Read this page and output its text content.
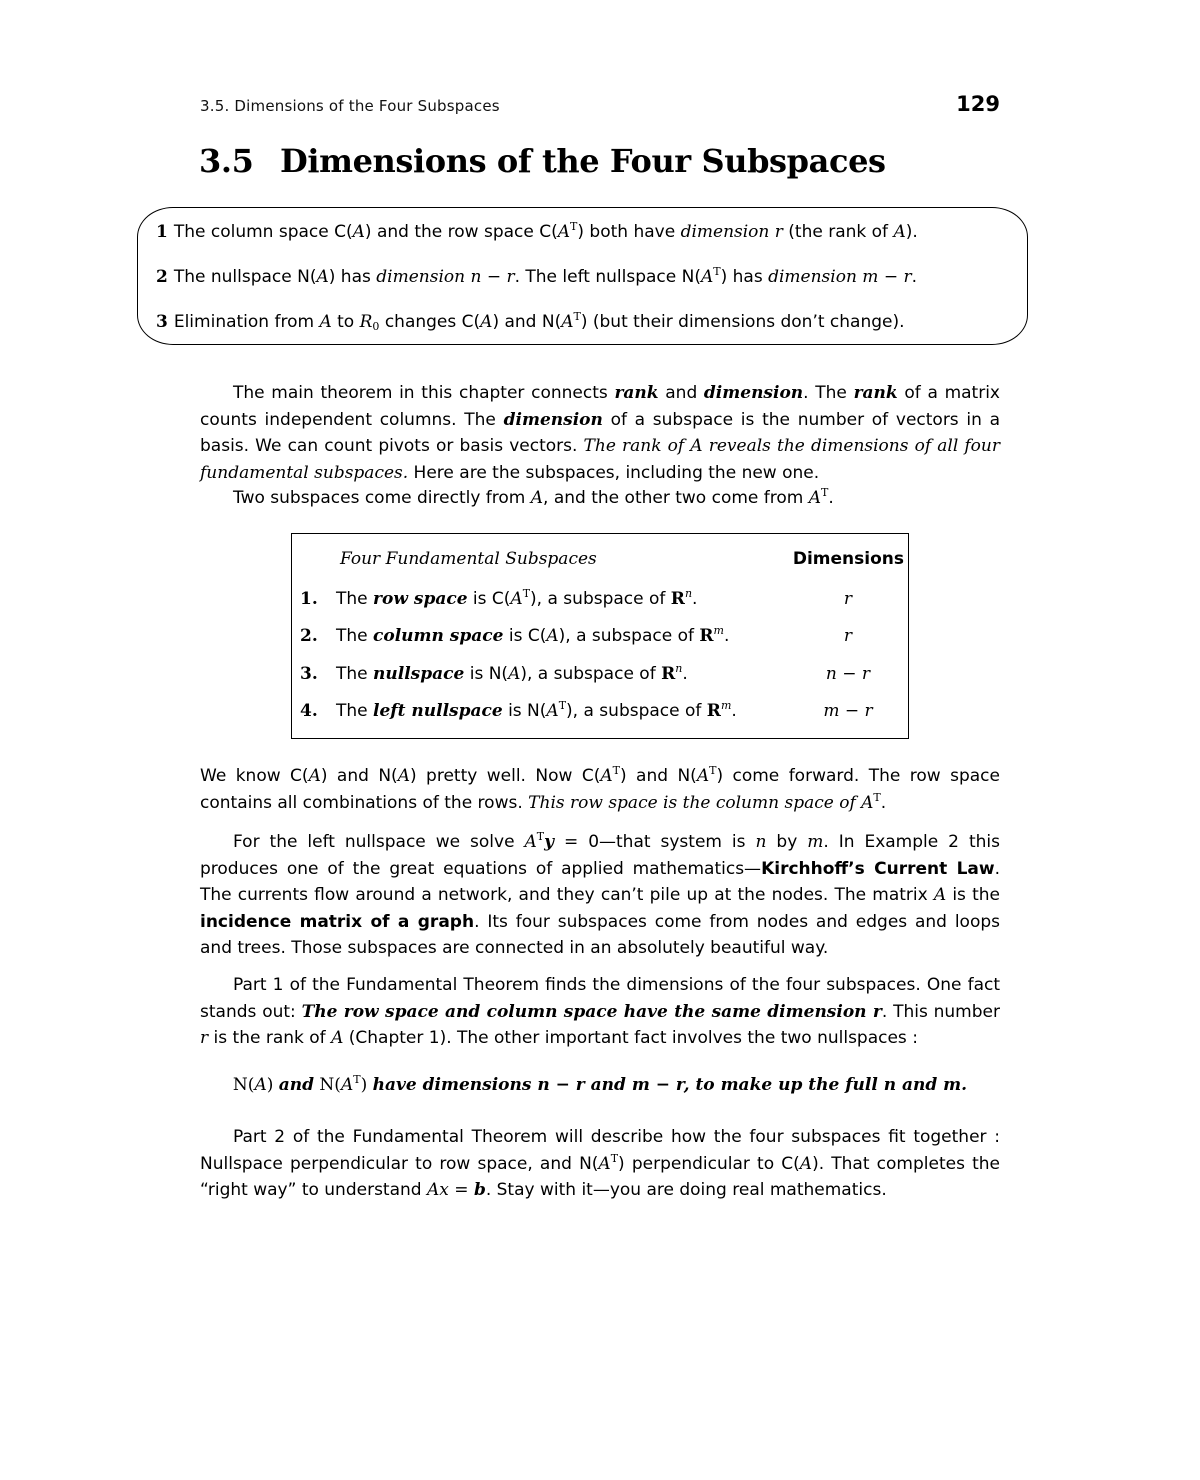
3.5. Dimensions of the Four Subspaces	129
3.5 Dimensions of the Four Subspaces
1 The column space C(A) and the row space $C(A^T)$ both have dimension r (the rank of A).
2 The nullspace N(A) has dimension n − r. The left nullspace $N(A^T)$ has dimension m − r.
3 Elimination from A to $R_0$ changes C(A) and $N(A^T)$ (but their dimensions don’t change).
The main theorem in this chapter connects rank and dimension. The rank of a matrix counts independent columns. The dimension of a subspace is the number of vectors in a basis. We can count pivots or basis vectors. The rank of A reveals the dimensions of all four fundamental subspaces. Here are the subspaces, including the new one.
Two subspaces come directly from A, and the other two come from $A^T$.
Four Fundamental Subspaces	Dimensions
1. The row space is $C(A^T)$, a subspace of $R^n$.	r
2. The column space is C(A), a subspace of $R^m$.	r
3. The nullspace is N(A), a subspace of $R^n$.	n − r
4. The left nullspace is $N(A^T)$, a subspace of $R^m$.	m − r
We know C(A) and N(A) pretty well. Now $C(A^T)$ and $N(A^T)$ come forward. The row space contains all combinations of the rows. This row space is the column space of $A^T$.
For the left nullspace we solve $A^Ty$ = 0—that system is n by m. In Example 2 this produces one of the great equations of applied mathematics—Kirchhoff’s Current Law. The currents flow around a network, and they can’t pile up at the nodes. The matrix A is the incidence matrix of a graph. Its four subspaces come from nodes and edges and loops and trees. Those subspaces are connected in an absolutely beautiful way.
Part 1 of the Fundamental Theorem finds the dimensions of the four subspaces. One fact stands out: The row space and column space have the same dimension r. This number r is the rank of A (Chapter 1). The other important fact involves the two nullspaces :
N(A) and $N(A^T)$ have dimensions n − r and m − r, to make up the full n and m.
Part 2 of the Fundamental Theorem will describe how the four subspaces fit together : Nullspace perpendicular to row space, and $N(A^T)$ perpendicular to C(A). That completes the “right way” to understand Ax = b. Stay with it—you are doing real mathematics.
